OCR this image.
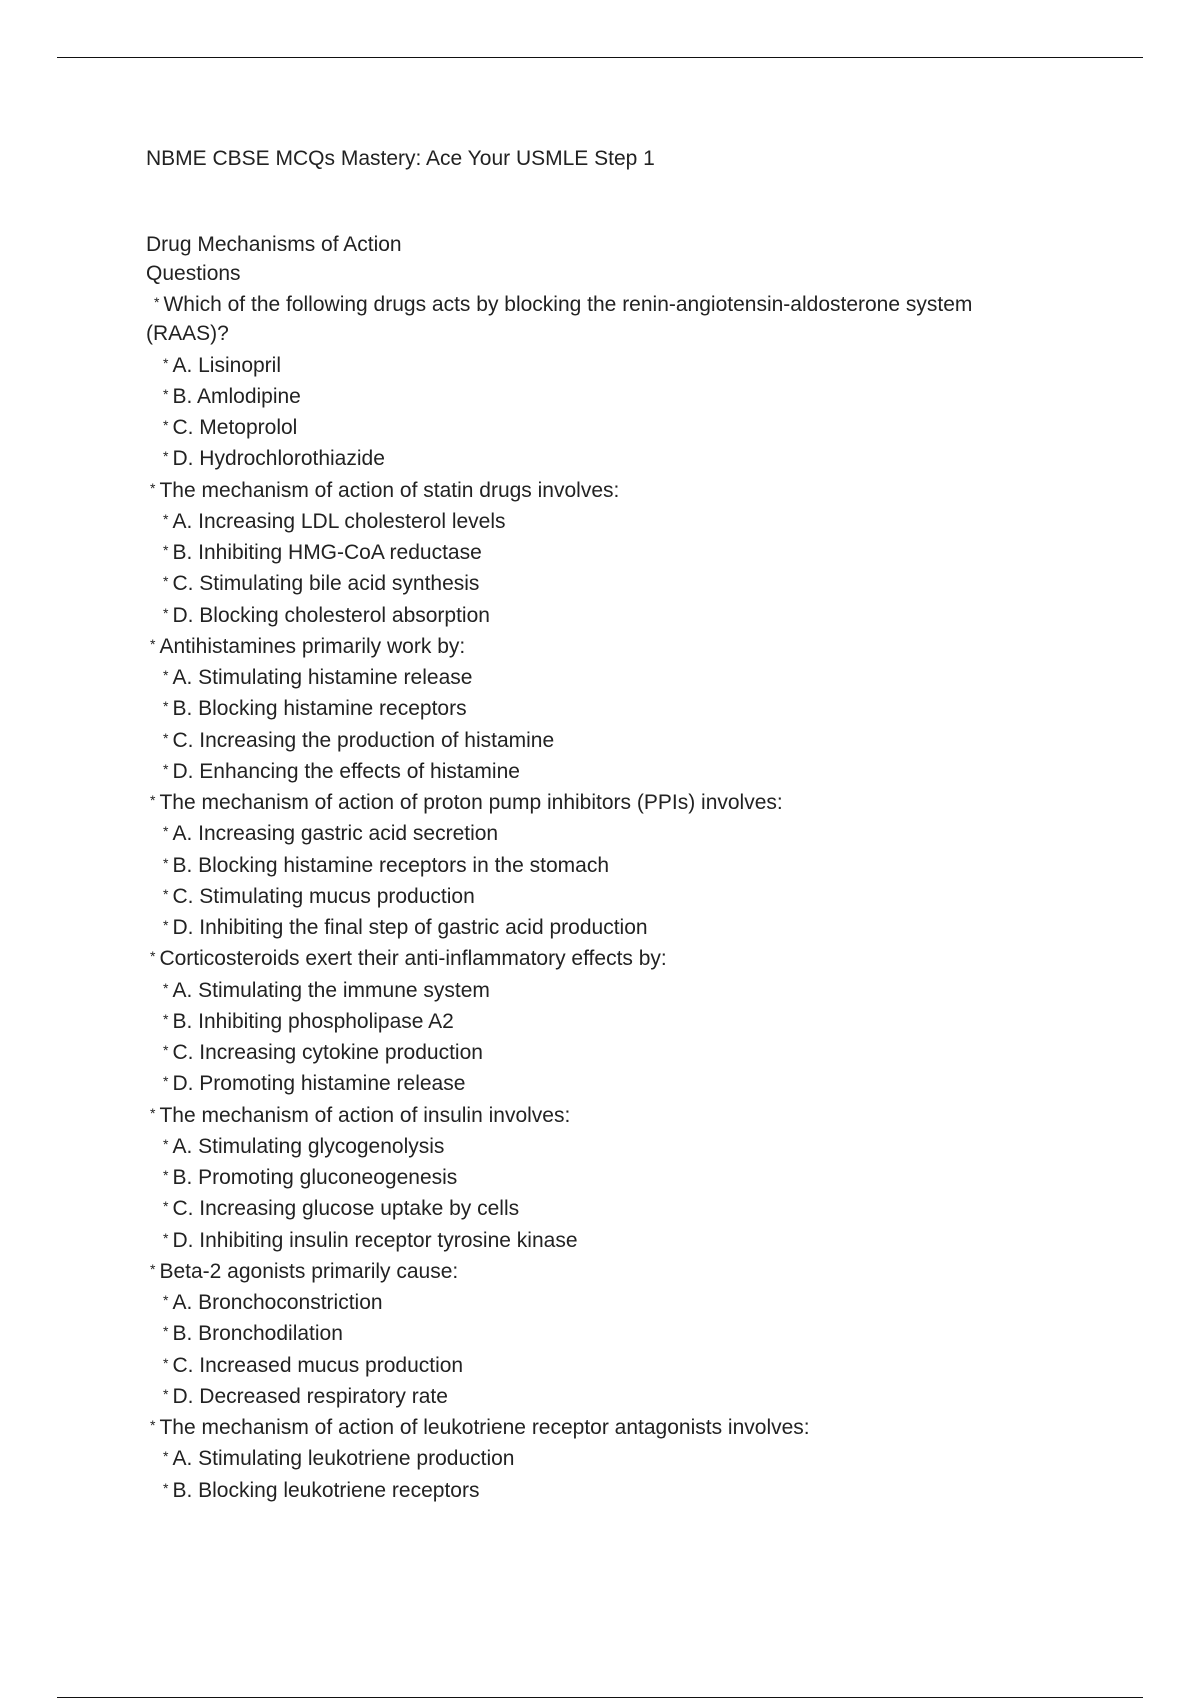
NBME CBSE MCQs Mastery: Ace Your USMLE Step 1
Drug Mechanisms of Action
Questions
* Which of the following drugs acts by blocking the renin-angiotensin-aldosterone system (RAAS)?
* A. Lisinopril
* B. Amlodipine
* C. Metoprolol
* D. Hydrochlorothiazide
* The mechanism of action of statin drugs involves:
* A. Increasing LDL cholesterol levels
* B. Inhibiting HMG-CoA reductase
* C. Stimulating bile acid synthesis
* D. Blocking cholesterol absorption
* Antihistamines primarily work by:
* A. Stimulating histamine release
* B. Blocking histamine receptors
* C. Increasing the production of histamine
* D. Enhancing the effects of histamine
* The mechanism of action of proton pump inhibitors (PPIs) involves:
* A. Increasing gastric acid secretion
* B. Blocking histamine receptors in the stomach
* C. Stimulating mucus production
* D. Inhibiting the final step of gastric acid production
* Corticosteroids exert their anti-inflammatory effects by:
* A. Stimulating the immune system
* B. Inhibiting phospholipase A2
* C. Increasing cytokine production
* D. Promoting histamine release
* The mechanism of action of insulin involves:
* A. Stimulating glycogenolysis
* B. Promoting gluconeogenesis
* C. Increasing glucose uptake by cells
* D. Inhibiting insulin receptor tyrosine kinase
* Beta-2 agonists primarily cause:
* A. Bronchoconstriction
* B. Bronchodilation
* C. Increased mucus production
* D. Decreased respiratory rate
* The mechanism of action of leukotriene receptor antagonists involves:
* A. Stimulating leukotriene production
* B. Blocking leukotriene receptors
